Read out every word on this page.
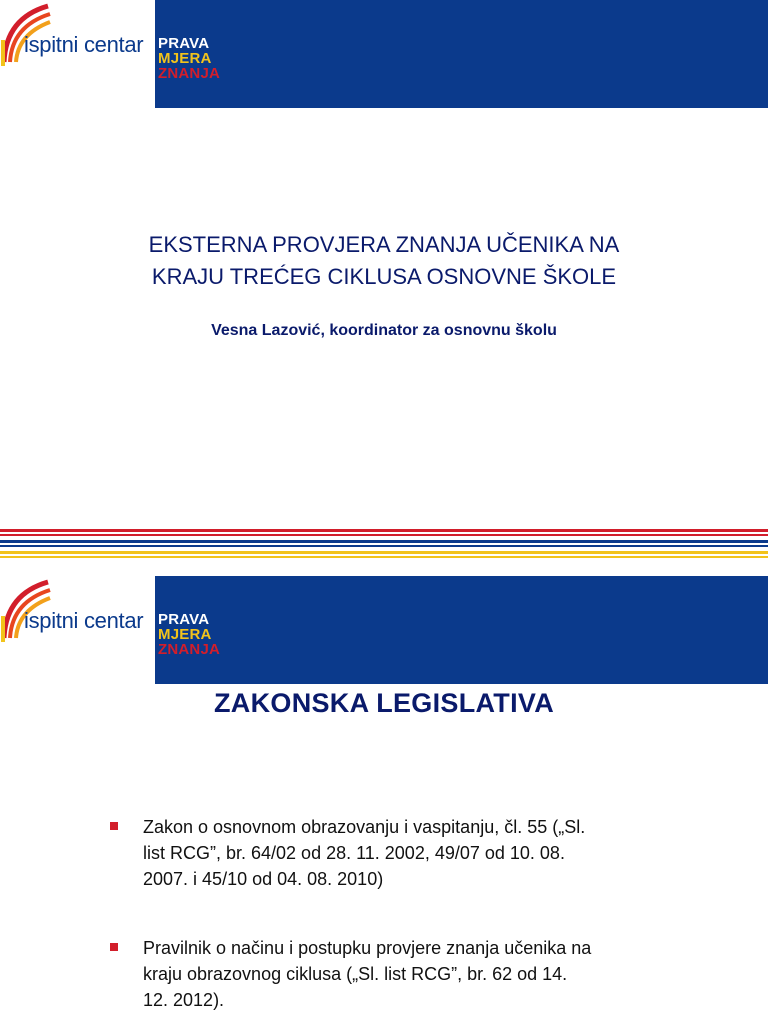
ispitni centar PRAVA
MJERA
ZNANJA
EKSTERNA PROVJERA ZNANJA UČENIKA NA
KRAJU TREĆEG CIKLUSA OSNOVNE ŠKOLE
Vesna Lazović, koordinator za osnovnu školu
ispitni centar PRAVA
MJERA
ZNANJA
ZAKONSKA LEGISLATIVA
Zakon o osnovnom obrazovanju i vaspitanju, čl. 55 („Sl.
list RCG”, br. 64/02 od 28. 11. 2002, 49/07 od 10. 08.
2007. i 45/10 od 04. 08. 2010)
Pravilnik o načinu i postupku provjere znanja učenika na
kraju obrazovnog ciklusa („Sl. list RCG”, br. 62 od 14.
12. 2012).
